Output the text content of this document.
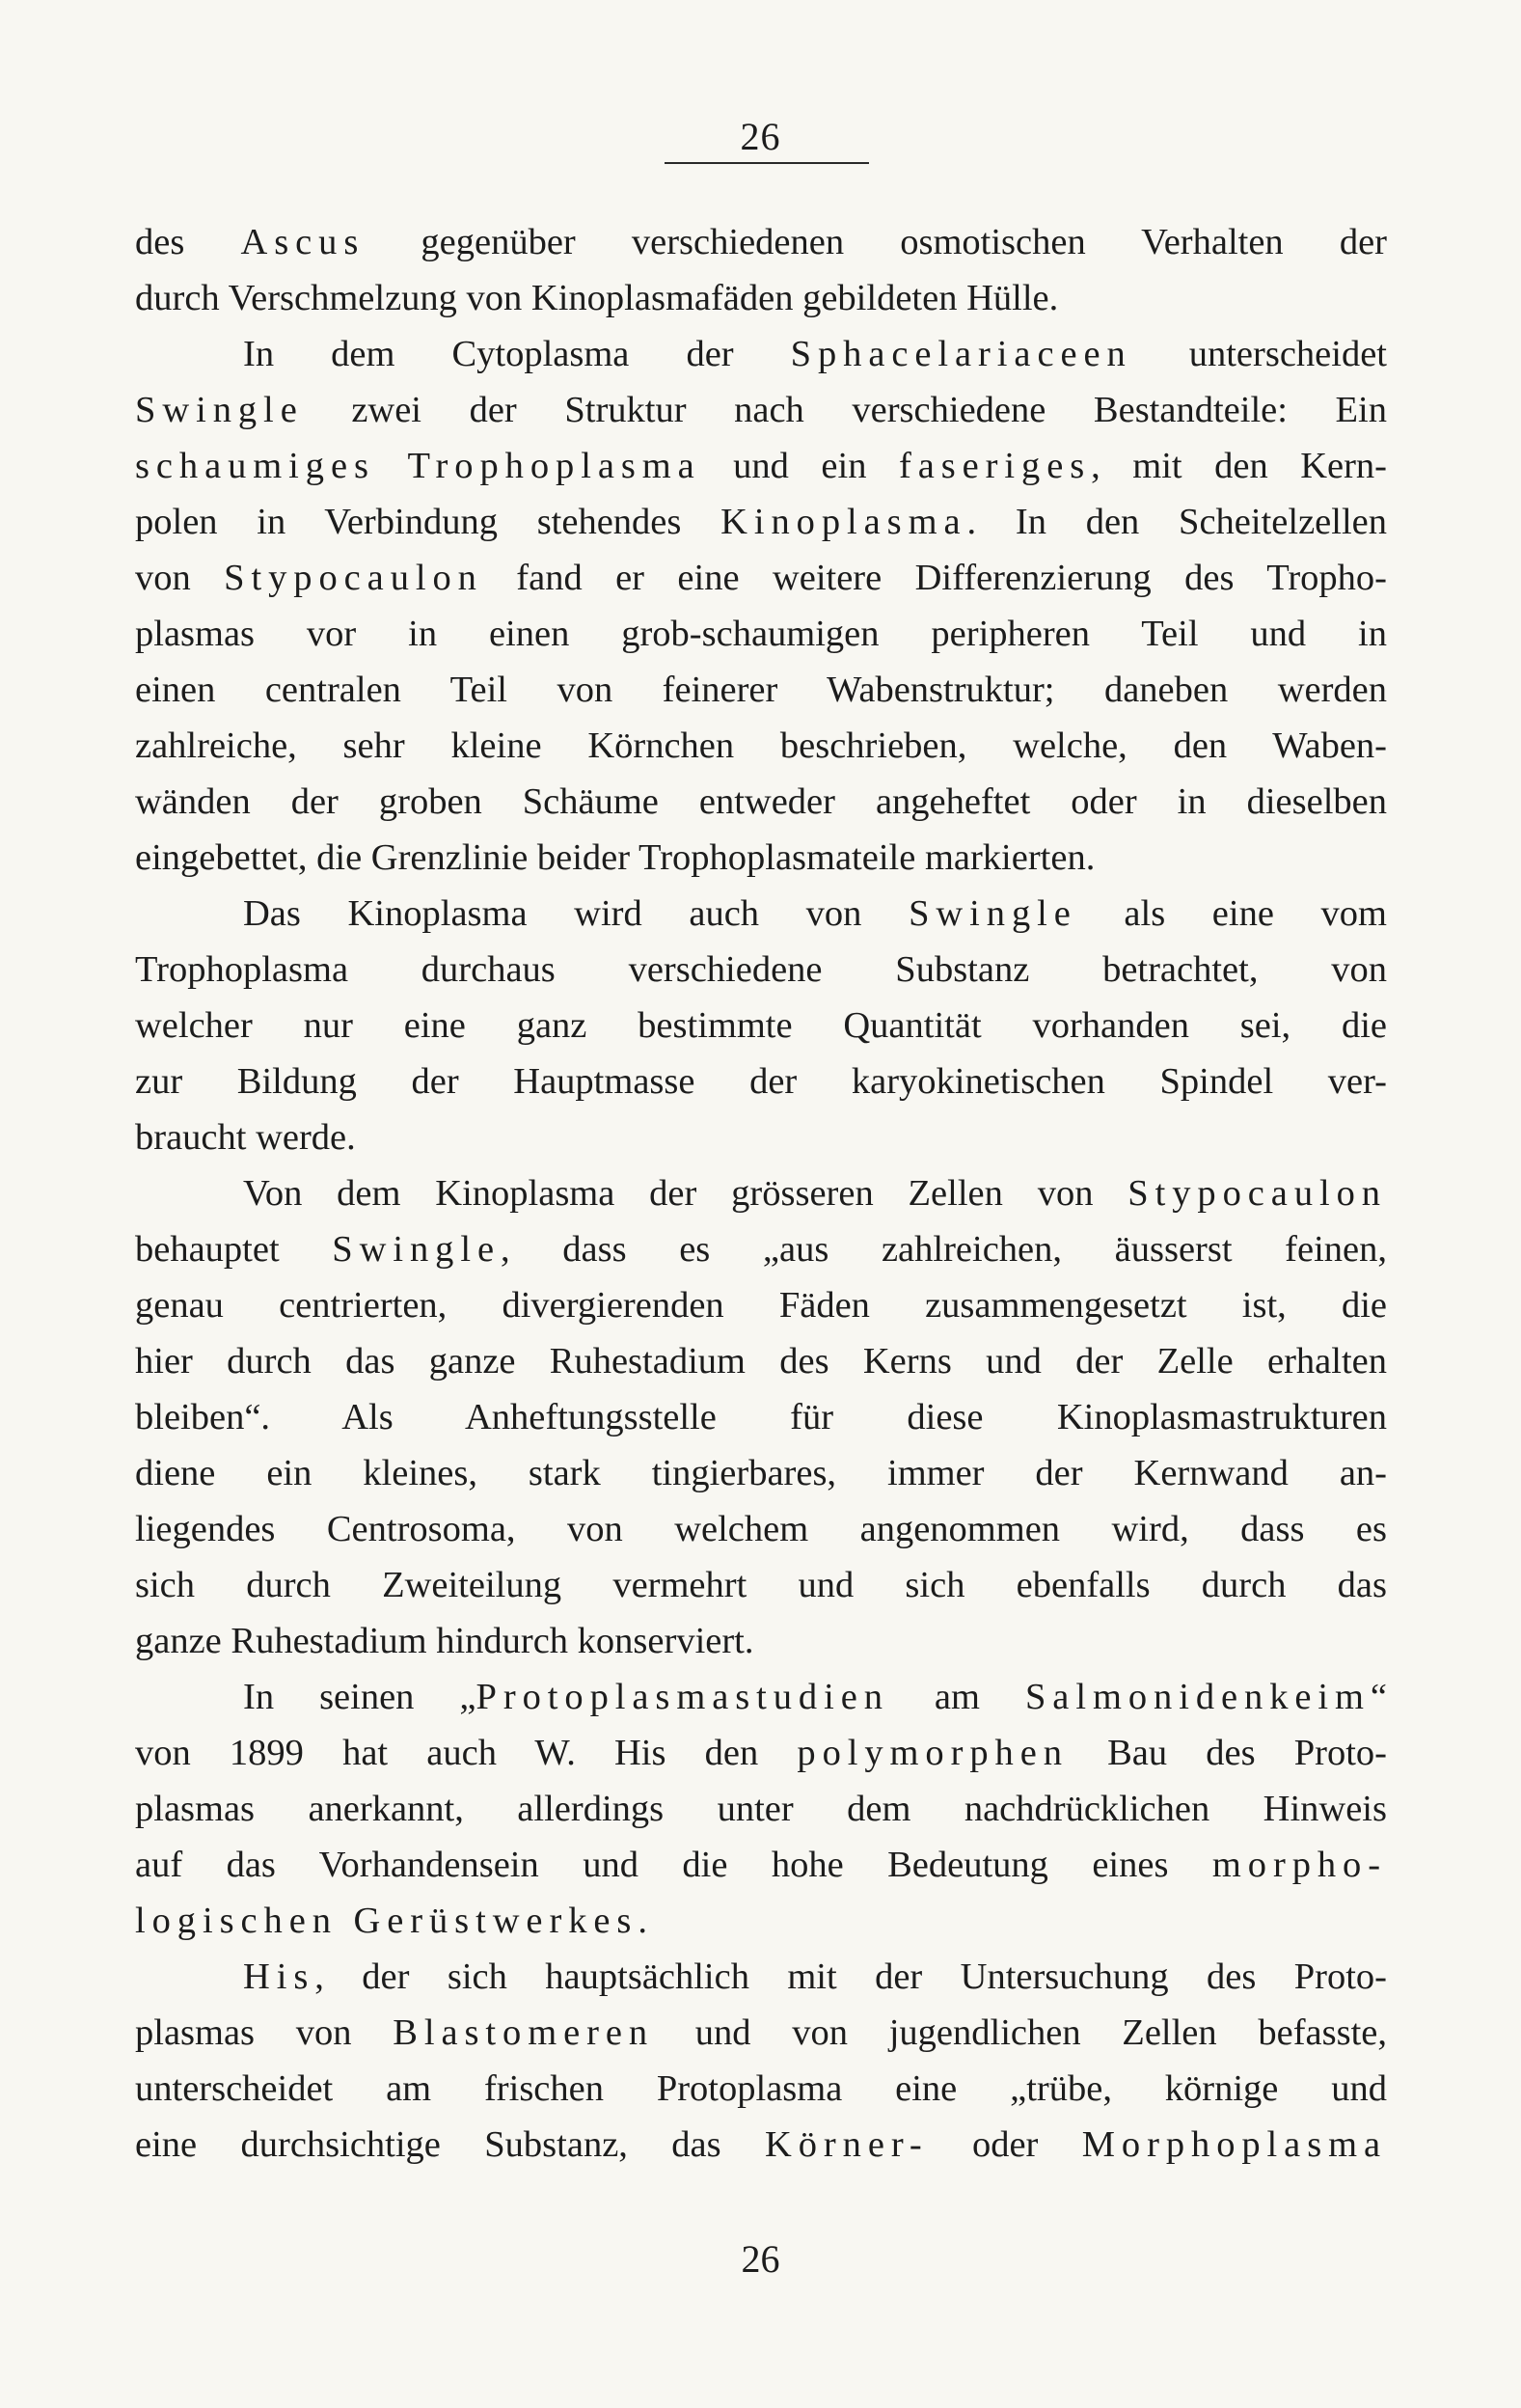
26
des Ascus gegenüber verschiedenen osmotischen Verhalten der
durch Verschmelzung von Kinoplasmafäden gebildeten Hülle.
In dem Cytoplasma der Sphacelariaceen unterscheidet
Swingle zwei der Struktur nach verschiedene Bestandteile: Ein
schaumiges Trophoplasma und ein faseriges, mit den Kern-
polen in Verbindung stehendes Kinoplasma. In den Scheitelzellen
von Stypocaulon fand er eine weitere Differenzierung des Tropho-
plasmas vor in einen grob-schaumigen peripheren Teil und in
einen centralen Teil von feinerer Wabenstruktur; daneben werden
zahlreiche, sehr kleine Körnchen beschrieben, welche, den Waben-
wänden der groben Schäume entweder angeheftet oder in dieselben
eingebettet, die Grenzlinie beider Trophoplasmateile markierten.
Das Kinoplasma wird auch von Swingle als eine vom
Trophoplasma durchaus verschiedene Substanz betrachtet, von
welcher nur eine ganz bestimmte Quantität vorhanden sei, die
zur Bildung der Hauptmasse der karyokinetischen Spindel ver-
braucht werde.
Von dem Kinoplasma der grösseren Zellen von Stypocaulon
behauptet Swingle, dass es „aus zahlreichen, äusserst feinen,
genau centrierten, divergierenden Fäden zusammengesetzt ist, die
hier durch das ganze Ruhestadium des Kerns und der Zelle erhalten
bleiben“. Als Anheftungsstelle für diese Kinoplasmastrukturen
diene ein kleines, stark tingierbares, immer der Kernwand an-
liegendes Centrosoma, von welchem angenommen wird, dass es
sich durch Zweiteilung vermehrt und sich ebenfalls durch das
ganze Ruhestadium hindurch konserviert.
In seinen „Protoplasmastudien am Salmonidenkeim“
von 1899 hat auch W. His den polymorphen Bau des Proto-
plasmas anerkannt, allerdings unter dem nachdrücklichen Hinweis
auf das Vorhandensein und die hohe Bedeutung eines morpho-
logischen Gerüstwerkes.
His, der sich hauptsächlich mit der Untersuchung des Proto-
plasmas von Blastomeren und von jugendlichen Zellen befasste,
unterscheidet am frischen Protoplasma eine „trübe, körnige und
eine durchsichtige Substanz, das Körner- oder Morphoplasma
26
